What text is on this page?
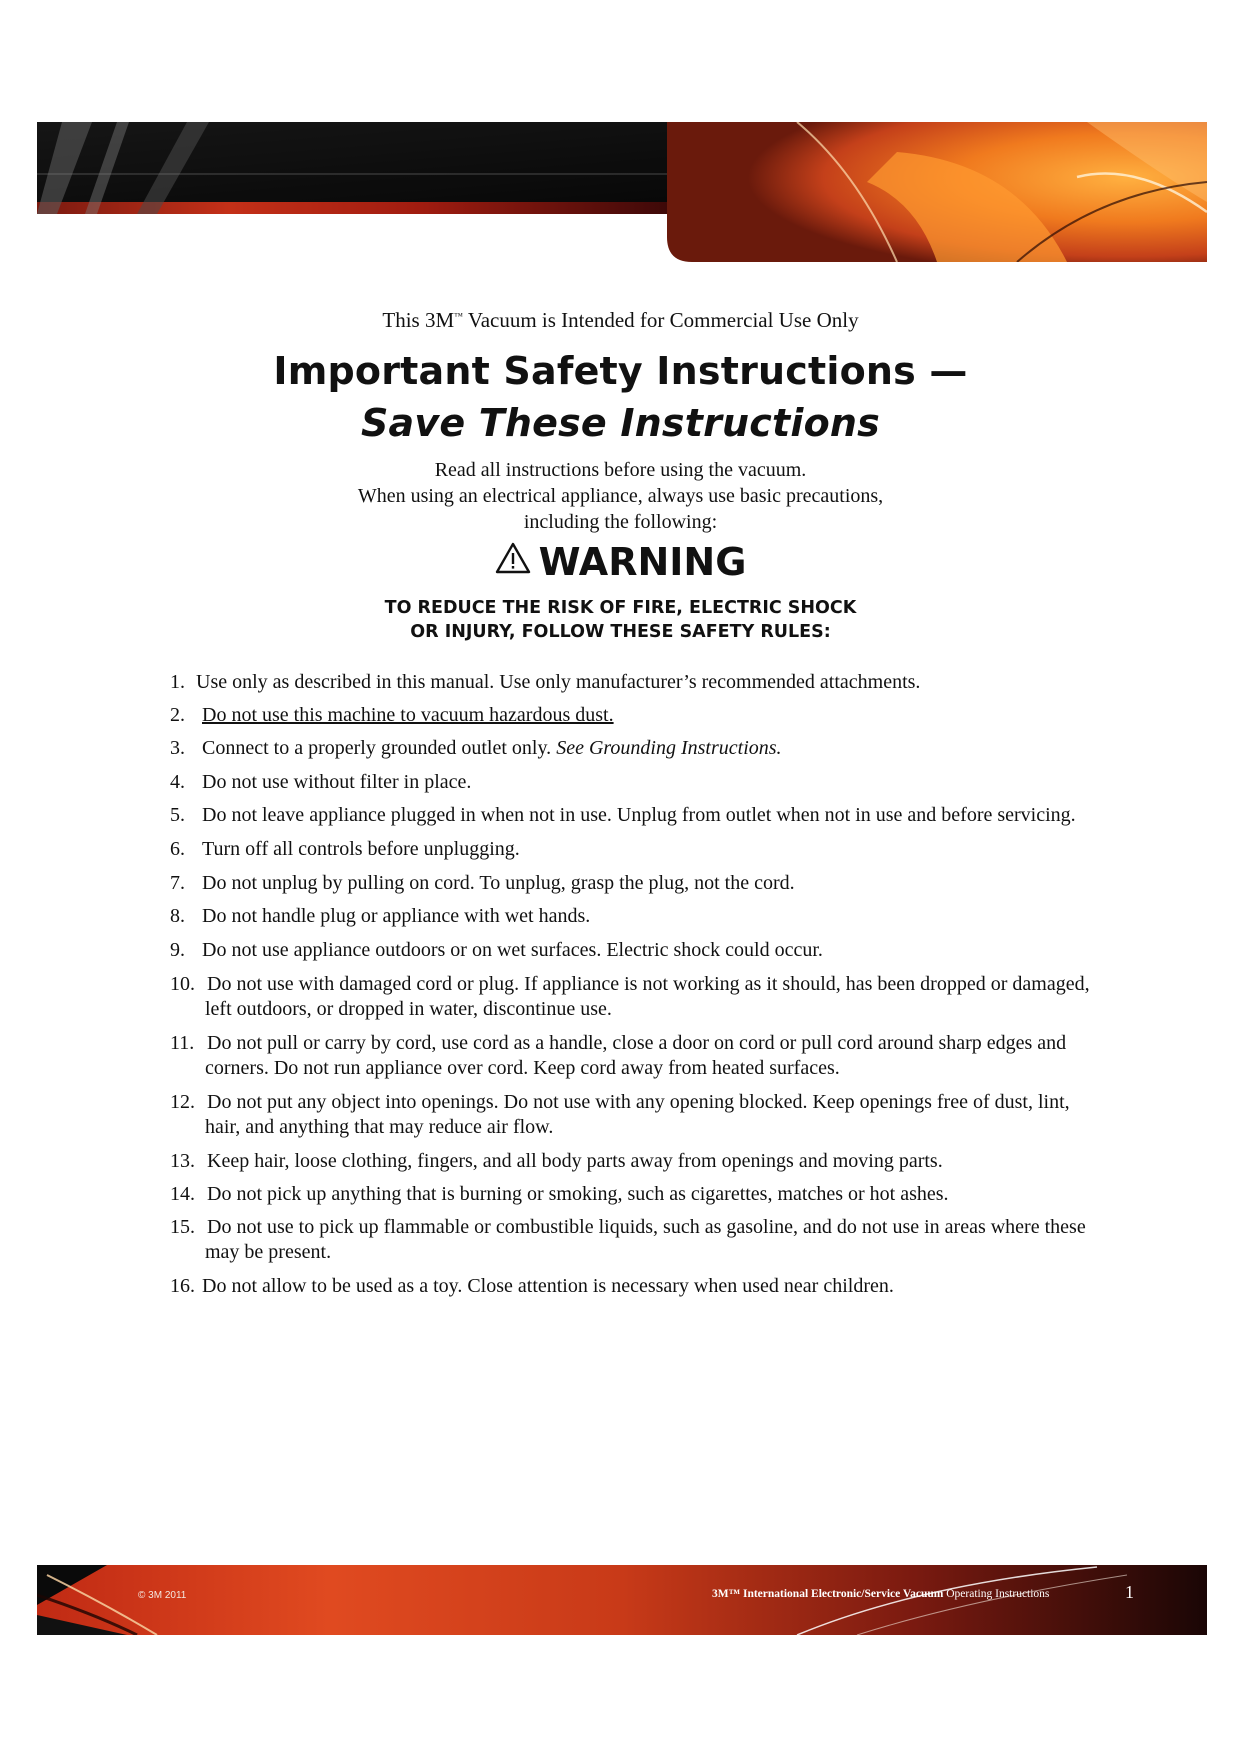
This 3M™ Vacuum is Intended for Commercial Use Only
Important Safety Instructions —
Save These Instructions
Read all instructions before using the vacuum.
When using an electrical appliance, always use basic precautions,
including the following:
WARNING
TO REDUCE THE RISK OF FIRE, ELECTRIC SHOCK
OR INJURY, FOLLOW THESE SAFETY RULES:
1. Use only as described in this manual. Use only manufacturer’s recommended attachments.
2. Do not use this machine to vacuum hazardous dust.
3. Connect to a properly grounded outlet only. See Grounding Instructions.
4. Do not use without filter in place.
5. Do not leave appliance plugged in when not in use. Unplug from outlet when not in use and before servicing.
6. Turn off all controls before unplugging.
7. Do not unplug by pulling on cord. To unplug, grasp the plug, not the cord.
8. Do not handle plug or appliance with wet hands.
9. Do not use appliance outdoors or on wet surfaces. Electric shock could occur.
10. Do not use with damaged cord or plug. If appliance is not working as it should, has been dropped or damaged,
left outdoors, or dropped in water, discontinue use.
11. Do not pull or carry by cord, use cord as a handle, close a door on cord or pull cord around sharp edges and
corners. Do not run appliance over cord. Keep cord away from heated surfaces.
12. Do not put any object into openings. Do not use with any opening blocked. Keep openings free of dust, lint,
hair, and anything that may reduce air flow.
13. Keep hair, loose clothing, fingers, and all body parts away from openings and moving parts.
14. Do not pick up anything that is burning or smoking, such as cigarettes, matches or hot ashes.
15. Do not use to pick up flammable or combustible liquids, such as gasoline, and do not use in areas where these
may be present.
16. Do not allow to be used as a toy. Close attention is necessary when used near children.
© 3M 2011	3M™ International Electronic/Service Vacuum Operating Instructions	1
